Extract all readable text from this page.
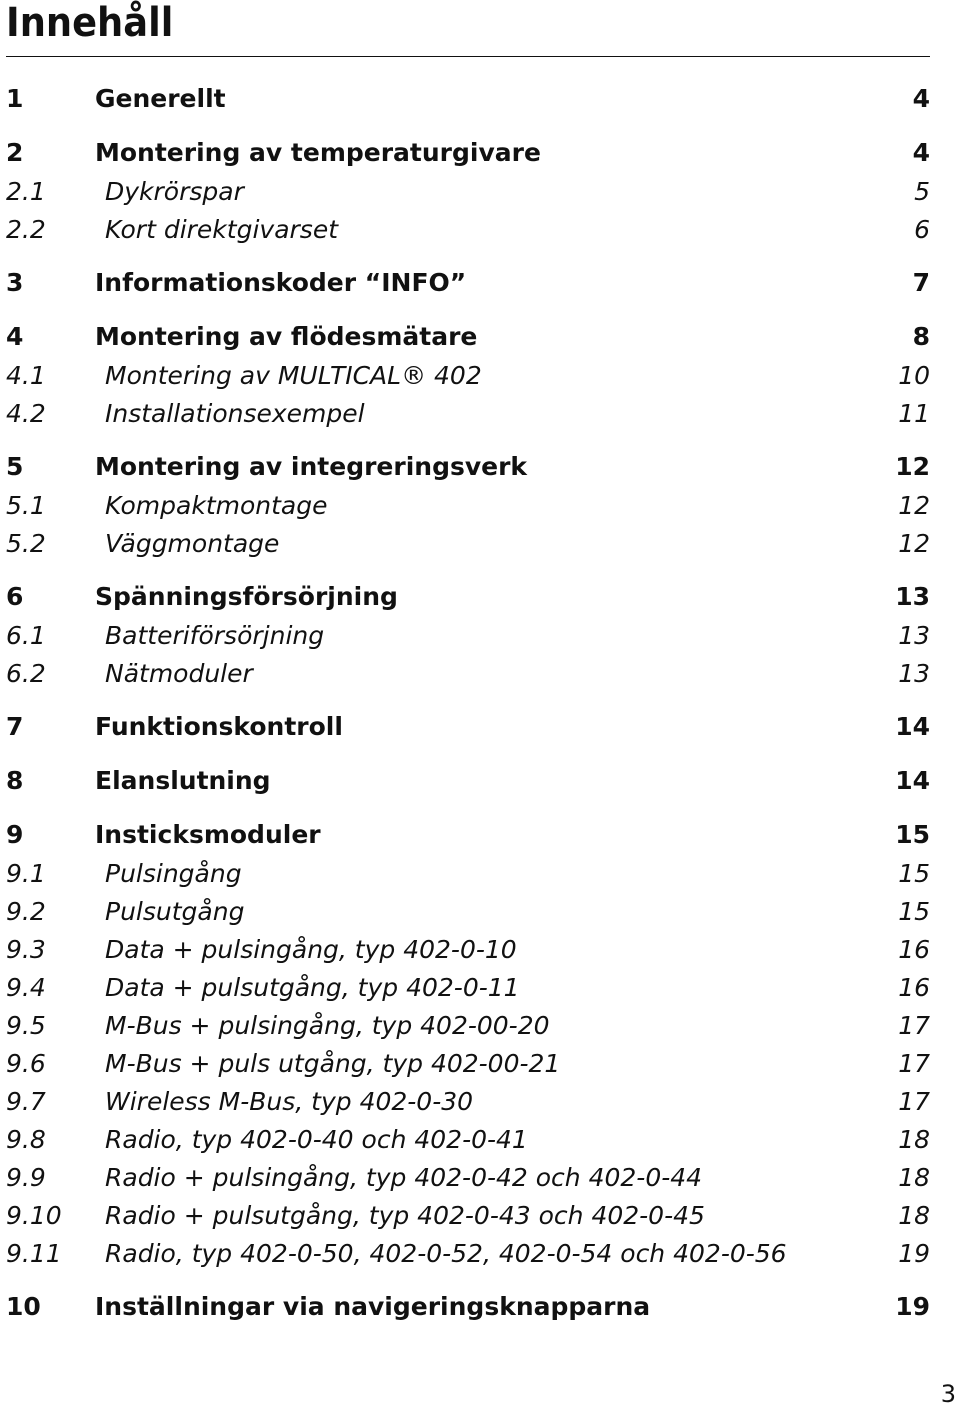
Innehåll
1	Generellt	4
2	Montering av temperaturgivare	4
2.1 Dykrörspar	5
2.2 Kort direktgivarset	6
3	Informationskoder “INFO”	7
4	Montering av flödesmätare	8
4.1 Montering av MULTICAL® 402	10
4.2 Installationsexempel	11
5	Montering av integreringsverk	12
5.1 Kompaktmontage	12
5.2 Väggmontage	12
6	Spänningsförsörjning	13
6.1 Batteriförsörjning	13
6.2 Nätmoduler	13
7	Funktionskontroll	14
8	Elanslutning	14
9	Insticksmoduler	15
9.1 Pulsingång	15
9.2 Pulsutgång	15
9.3 Data + pulsingång, typ 402-0-10	16
9.4 Data + pulsutgång, typ 402-0-11	16
9.5 M-Bus + pulsingång, typ 402-00-20	17
9.6 M-Bus + puls utgång, typ 402-00-21	17
9.7 Wireless M-Bus, typ 402-0-30	17
9.8 Radio, typ 402-0-40 och 402-0-41	18
9.9 Radio + pulsingång, typ 402-0-42 och 402-0-44	18
9.10 Radio + pulsutgång, typ 402-0-43 och 402-0-45	18
9.11 Radio, typ 402-0-50, 402-0-52, 402-0-54 och 402-0-56	19
10 Inställningar via navigeringsknapparna	19
3
